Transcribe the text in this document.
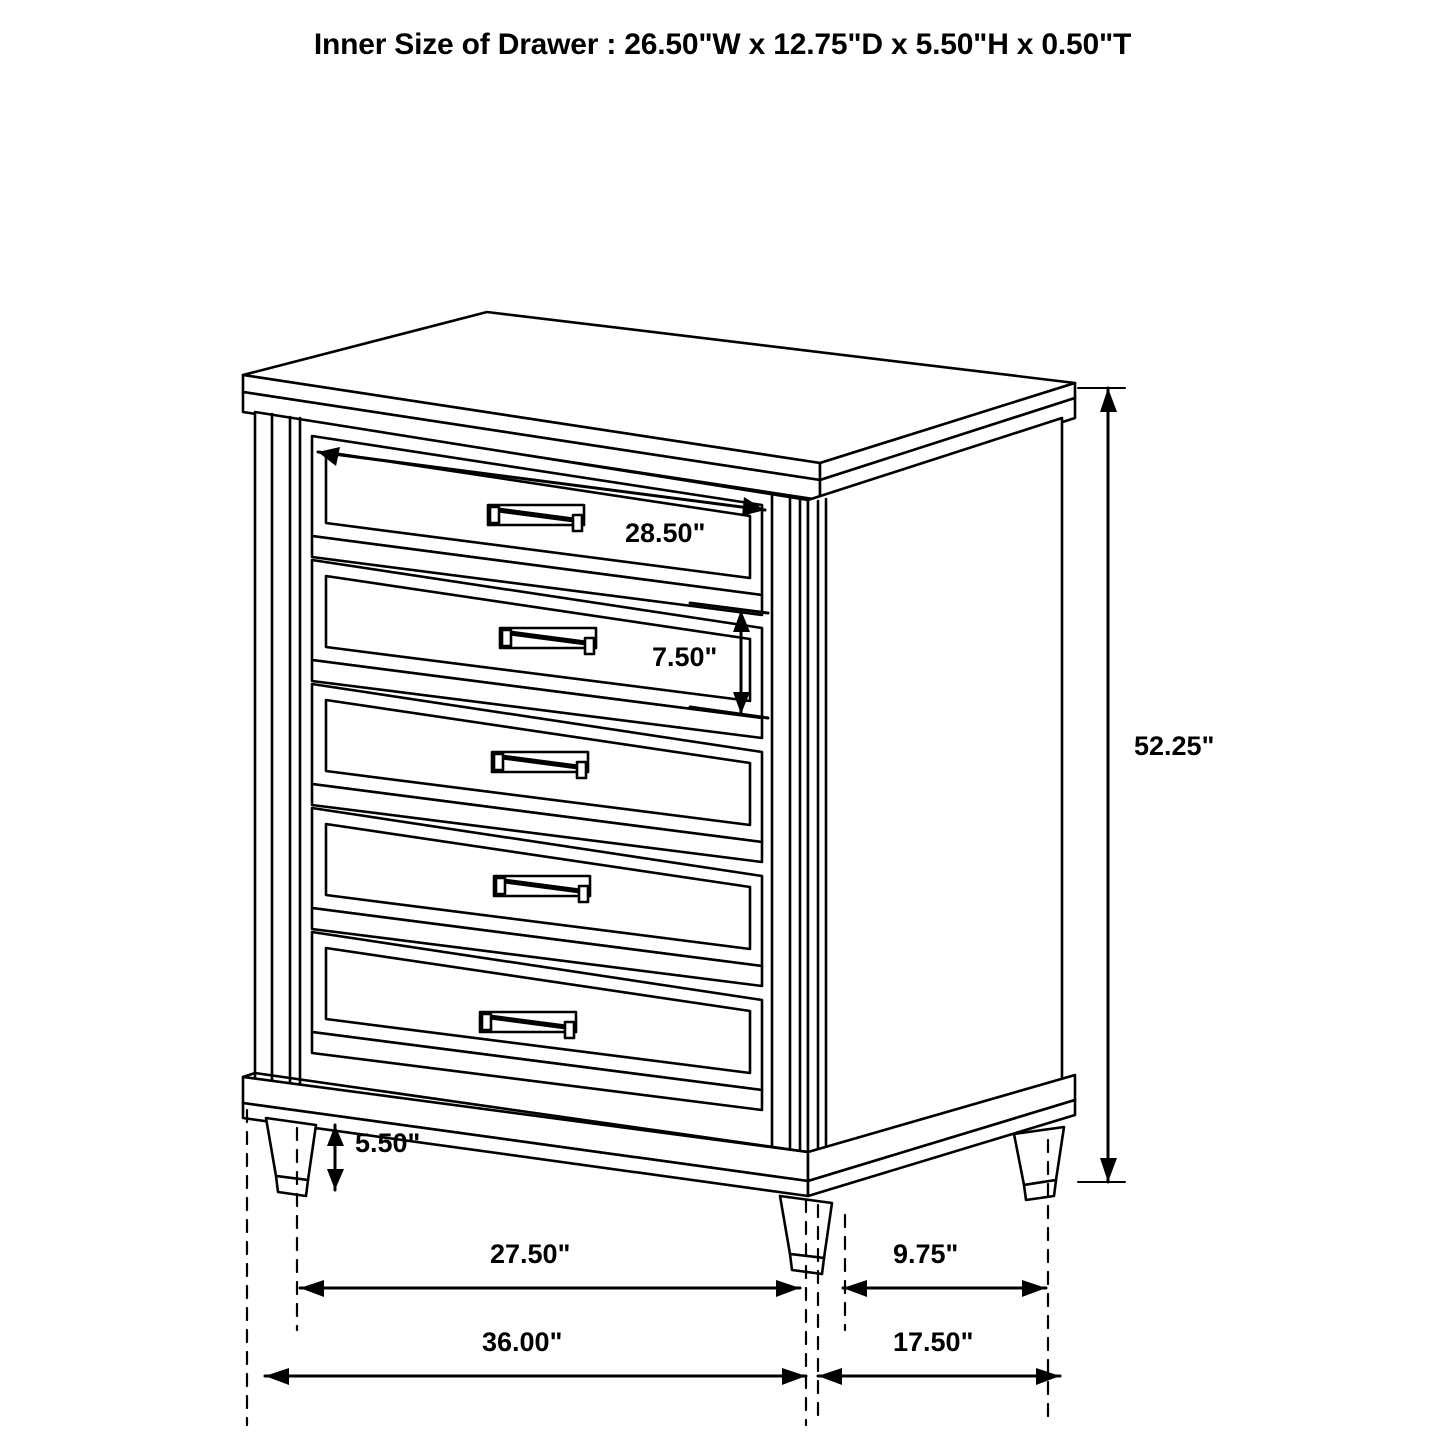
Inner Size of Drawer : 26.50"W x 12.75"D x 5.50"H x 0.50"T
28.50"
7.50"
52.25"
5.50"
27.50"	9.75"
36.00"	17.50"
